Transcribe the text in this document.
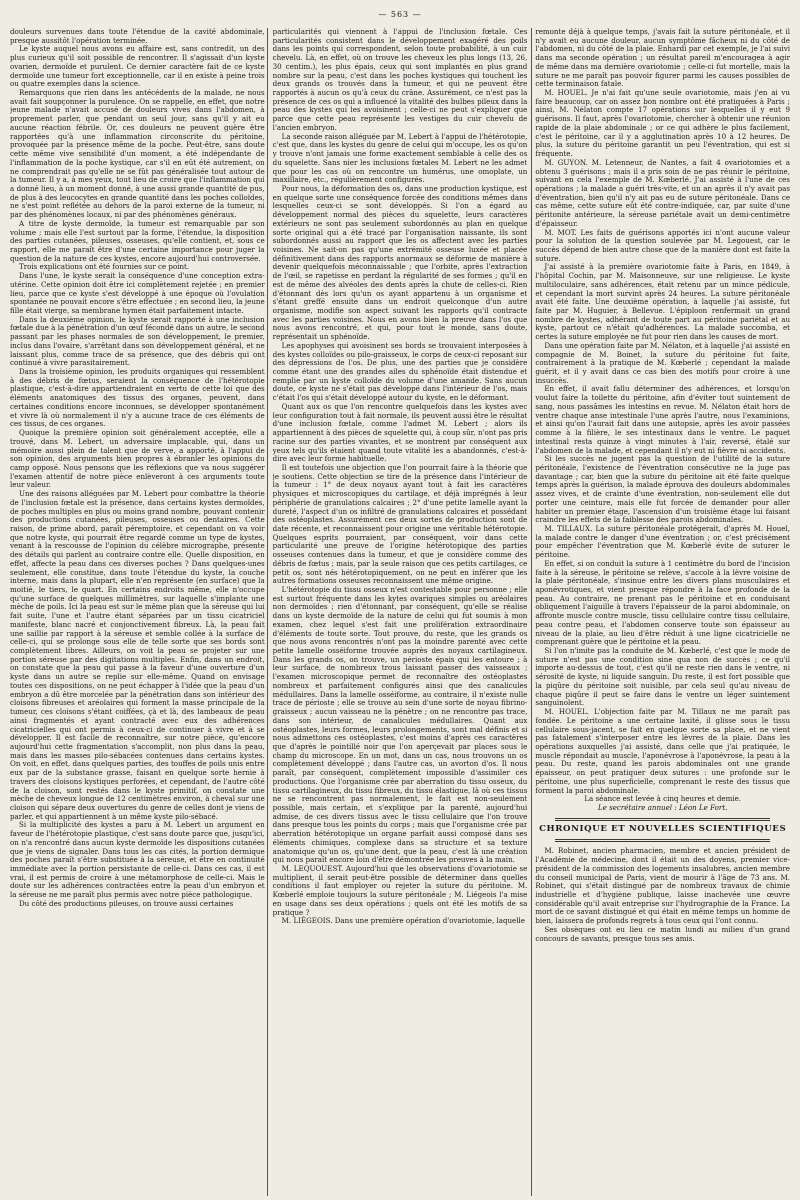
— 563 —

douleurs survenues dans toute l'étendue de la cavité abdominale, presque aussitôt l'opération terminée.

Le kyste auquel nous avons eu affaire est, sans contredit, un des plus curieux qu'il soit possible de rencontrer. Il s'agissait d'un kyste ovarien, dermoïde et purulent. Ce dernier caractère fait de ce kyste dermoïde une tumeur fort exceptionnelle, car il en existe à peine trois ou quatre exemples dans la science.

Remarquons que rien dans les antécédents de la malade, ne nous avait fait soupçonner la purulence. On se rappelle, en effet, que notre jeune malade n'avait accusé de douleurs vives dans l'abdomen, à proprement parler, que pendant un seul jour, sans qu'il y ait eu aucune réaction fébrile. Or, ces douleurs ne peuvent guère être rapportées qu'à une inflammation circonscrite du péritoine, provoquée par la présence même de la poche. Peut-être, sans doute cette même vive sensibilité d'un moment, a été indépendante de l'inflammation de la poche kystique, car s'il en eût été autrement, on ne comprendrait pas qu'elle ne se fût pas généralisée tout autour de la tumeur. Il y a, à mes yeux, tout lieu de croire que l'inflammation qui a donné lieu, à un moment donné, à une aussi grande quantité de pus, de plus à des leucocytes en grande quantité dans les poches colloïdes, ne s'est point reflétée au dehors de la paroi externe de la tumeur, ni par des phénomènes locaux, ni par des phénomènes généraux.

A titre de kyste dermoïde, la tumeur est remarquable par son volume ; mais elle l'est surtout par la forme, l'étendue, la disposition des parties cutanées, pileuses, osseuses, qu'elle contient, et, sous ce rapport, elle me paraît être d'une certaine importance pour juger la question de la nature de ces kystes, encore aujourd'hui controversée.

Trois explications ont été fournies sur ce point.

Dans l'une, le kyste serait la conséquence d'une conception extra-utérine. Cette opinion doit être ici complètement rejetée ; en premier lieu, parce que ce kyste s'est développé à une époque où l'ovulation spontanée ne pouvait encore s'être effectuée ; en second lieu, la jeune fille était vierge, sa membrane hymen était parfaitement intacte.

Dans la deuxième opinion, le kyste serait rapporté à une inclusion fœtale due à la pénétration d'un œuf fécondé dans un autre, le second passant par les phases normales de son développement, le premier, inclus dans l'ovaire, s'arrêtant dans son développement général, et ne laissant plus, comme trace de sa présence, que des débris qui ont continué à vivre parasitairement.

Dans la troisième opinion, les produits organiques qui ressemblent à des débris de fœtus, seraient la conséquence de l'hétérotopie plastique, c'est-à-dire appartiendraient en vertu de cette loi que des éléments anatomiques des tissus des organes, peuvent, dans certaines conditions encore inconnues, se développer spontanément et vivre là où normalement il n'y a aucune trace de ces éléments de ces tissus, de ces organes.

Quoique la première opinion soit généralement acceptée, elle a trouvé, dans M. Lebert, un adversaire implacable, qui, dans un mémoire aussi plein de talent que de verve, a apporté, à l'appui de son opinion, des arguments bien propres à ébranler les opinions du camp opposé. Nous pensons que les réflexions que va nous suggérer l'examen attentif de notre pièce enlèveront à ces arguments toute leur valeur.

Une des raisons alléguées par M. Lebert pour combattre la théorie de l'inclusion fœtale est la présence, dans certains kystes dermoïdes, de poches multiples en plus ou moins grand nombre, pouvant contenir des productions cutanées, pileuses, osseuses ou dentaires. Cette raison, de prime abord, paraît péremptoire, et cependant on va voir que notre kyste, qui pourrait être regardé comme un type de kystes, venant à la rescousse de l'opinion du célèbre micrographe, présente des détails qui parlent au contraire contre elle. Quelle disposition, en effet, affecte la peau dans ces diverses poches ? Dans quelques-unes seulement, elle constitue, dans toute l'étendue du kyste, la couche interne, mais dans la plupart, elle n'en représente (en surface) que la moitié, le tiers, le quart. En certains endroits même, elle n'occupe qu'une surface de quelques millimètres, sur laquelle s'implante une mèche de poils. Ici la peau est sur le même plan que la séreuse qui lui fait suite, l'une et l'autre étant séparées par un tissu cicatriciel manifeste, blanc nacré et conjonctivement fibreux. Là, la peau fait une saillie par rapport à la séreuse et semble collée à la surface de celle-ci, qui se prolonge sous elle de telle sorte que ses bords sont complètement libres. Ailleurs, on voit la peau se projeter sur une portion séreuse par des digitations multiples. Enfin, dans un endroit, on constate que la peau qui passe à la faveur d'une ouverture d'un kyste dans un autre se replie sur elle-même. Quand on envisage toutes ces dispositions, on ne peut échapper à l'idée que la peau d'un embryon a dû être morcelée par la pénétration dans son intérieur des cloisons fibreuses et aréolaires qui forment la masse principale de la tumeur, ces cloisons s'étant coiffées, çà et là, des lambeaux de peau ainsi fragmentés et ayant contracté avec eux des adhérences cicatricielles qui ont permis à ceux-ci de continuer à vivre et à se développer. Il est facile de reconnaître, sur notre pièce, qu'encore aujourd'hui cette fragmentation s'accomplit, non plus dans la peau, mais dans les masses pilo-sébacées contenues dans certains kystes. On voit, en effet, dans quelques parties, des touffes de poils unis entre eux par de la substance grasse, faisant en quelque sorte hernie à travers des cloisons kystiques perforées, et cependant, de l'autre côté de la cloison, sont restés dans le kyste primitif, on constate une mèche de cheveux longue de 12 centimètres environ, à cheval sur une cloison qui sépare deux ouvertures du genre de celles dont je viens de parler, et qui appartiennent à un même kyste pilo-sébacé.

Si la multiplicité des kystes a paru à M. Lebert un argument en faveur de l'hétérotopie plastique, c'est sans doute parce que, jusqu'ici, on n'a rencontré dans aucun kyste dermoïde les dispositions cutanées que je viens de signaler. Dans tous les cas cités, la portion dermique des poches paraît s'être substituée à la séreuse, et être en continuité immédiate avec la portion persistante de celle-ci. Dans ces cas, il est vrai, il est permis de croire à une métamorphose de celle-ci. Mais le doute sur les adhérences contractées entre la peau d'un embryon et la séreuse ne me paraît plus permis avec notre pièce pathologique.

Du côté des productions pileuses, on trouve aussi certaines

particularités qui viennent à l'appui de l'inclusion fœtale. Ces particularités consistent dans le développement exagéré des poils dans les points qui correspondent, selon toute probabilité, à un cuir chevelu. Là, en effet, où on trouve les cheveux les plus longs (13, 26, 30 centim.), les plus épais, ceux qui sont implantés en plus grand nombre sur la peau, c'est dans les poches kystiques qui touchent les deux grands os trouvés dans la tumeur, et qui ne peuvent être rapportés à aucun os qu'à ceux du crâne. Assurément, ce n'est pas la présence de ces os qui a influencé la vitalité des bulbes pileux dans la peau des kystes qui les avoisinent ; celle-ci ne peut s'expliquer que parce que cette peau représente les vestiges du cuir chevelu de l'ancien embryon.

La seconde raison alléguée par M. Lebert à l'appui de l'hétérotopie, c'est que, dans les kystes du genre de celui qui m'occupe, les os qu'on y trouve n'ont jamais une forme exactement semblable à celle des os du squelette. Sans nier les inclusions fœtales M. Lebert ne les admet que pour les cas où on rencontre un humérus, une omoplate, un maxillaire, etc., régulièrement configurés.

Pour nous, la déformation des os, dans une production kystique, est en quelque sorte une conséquence forcée des conditions mêmes dans lesquelles ceux-ci se sont développés. Si l'on a égard au développement normal des pièces du squelette, leurs caractères extérieurs ne sont pas seulement subordonnés au plan en quelque sorte original qui a été tracé par l'organisation naissante, ils sont subordonnés aussi au rapport que les os affectent avec les parties voisines. Ne sait-on pas qu'une extrémité osseuse luxée et placée définitivement dans des rapports anormaux se déforme de manière à devenir quelquefois méconnaissable ; que l'orbite, après l'extraction de l'œil, se rapetisse en perdant la régularité de ses formes ; qu'il en est de même des alvéoles des dents après la chute de celles-ci. Rien d'étonnant dès lors qu'un os ayant appartenu à un organisme et s'étant greffé ensuite dans un endroit quelconque d'un autre organisme, modifie son aspect suivant les rapports qu'il contracte avec les parties voisines. Nous en avons bien la preuve dans l'os que nous avons rencontré, et qui, pour tout le monde, sans doute, représentait un sphénoïde.

Les apophyses qui avoisinent ses bords se trouvaient interposées à des kystes colloïdes ou pilo-graisseux, le corps de ceux-ci reposant sur des dépressions de l'os. De plus, une des parties que je considère comme étant une des grandes ailes du sphénoïde était distendue et remplie par un kyste colloïde du volume d'une amande. Sans aucun doute, ce kyste ne s'était pas développé dans l'intérieur de l'os, mais c'était l'os qui s'était développé autour du kyste, en le déformant.

Quant aux os que l'on rencontre quelquefois dans les kystes avec leur configuration tout à fait normale, ils peuvent aussi être le résultat d'une inclusion fœtale, comme l'admet M. Lebert ; alors ils appartiennent à des pièces de squelette qui, à coup sûr, n'ont pas pris racine sur des parties vivantes, et se montrent par conséquent aux yeux tels qu'ils étaient quand toute vitalité les a abandonnés, c'est-à-dire avec leur forme habituelle.

Il est toutefois une objection que l'on pourrait faire à la théorie que je soutiens. Cette objection se tire de la présence dans l'intérieur de la tumeur : 1° de deux noyaux ayant tout à fait les caractères physiques et microscopiques du cartilage, et déjà imprégnés à leur périphérie de granulations calcaires ; 2° d'une petite lamelle ayant la dureté, l'aspect d'un os infiltré de granulations calcaires et possédant des ostéoplastes. Assurément ces deux sortes de production sont de date récente, et reconnaissent pour origine une véritable hétérotopie. Quelques esprits pourraient, par conséquent, voir dans cette particularité une preuve de l'origine hétérotopique des parties osseuses contenues dans la tumeur, et que je considère comme des débris de fœtus ; mais, par la seule raison que ces petits cartilages, ce petit os, sont nés hétérotopiquement, on ne peut en inférer que les autres formations osseuses reconnaissent une même origine.

L'hétérotopie du tissu osseux n'est contestable pour personne ; elle est surtout fréquente dans les kytes ovariques simples ou aréolaires non dermoïdes ; rien d'étonnant, par conséquent, qu'elle se réalise dans un kyste dermoïde de la nature de celui qui fut soumis à mon examen, chez lequel s'est fait une prolifération extraordinaire d'éléments de toute sorte. Tout prouve, du reste, que les grands os que nous avons rencontrés n'ont pas la moindre parenté avec cette petite lamelle osséiforme trouvée auprès des noyaux cartilagineux. Dans les grands os, on trouve, un périoste épais qui les entoure ; à leur surface, de nombreux trous laissant passer des vaisseaux ; l'examen microscopique permet de reconnaître des ostéoplastes nombreux et parfaitement configurés ainsi que des canalicules médullaires. Dans la lamelle osséiforme, au contraire, il n'existe nulle trace de périoste ; elle se trouve au sein d'une sorte de noyau fibrino-graisseux ; aucun vaisseau ne la pénètre ; on ne rencontre pas trace, dans son intérieur, de canalicules médullaires. Quant aux ostéoplastes, leurs formes, leurs prolongements, sont mal définis et si nous admettons ces ostéoplastes, c'est moins d'après ces caractères que d'après le pointillé noir que l'on aperçevait par places sous le champ du microscope. En un mot, dans un cas, nous trouvons un os complètement développé ; dans l'autre cas, un avorton d'os. Il nous paraît, par conséquent, complètement impossible d'assimiler ces productions. Que l'organisme crée par aberration du tissu osseux, du tissu cartilagineux, du tissu fibreux, du tissu élastique, là où ces tissus ne se rencontrent pas normalement, le fait est non-seulement possible, mais certain, et s'explique par la parenté, aujourd'hui admise, de ces divers tissus avec le tissu cellulaire que l'on trouve dans presque tous les points du corps ; mais que l'organisme crée par aberration hétérotopique un organe parfait aussi composé dans ses éléments chimiques, complexe dans sa structure et sa texture anatomique qu'un os, qu'une dent, que la peau, c'est là une création qui nous paraît encore loin d'être démontrée les preuves à la main.

M. LEQUOUEST. Aujourd'hui que les observations d'ovariotomie se multiplient, il serait peut-être possible de déterminer dans quelles conditions il faut employer ou rejeter la suture du péritoine. M. Kœberlé emploie toujours la suture péritonéale ; M. Liégeois l'a mise en usage dans ses deux opérations ; quels ont été les motifs de sa pratique ?

M. LIÉGEOIS. Dans une première opération d'ovariotomie, laquelle

remonte déjà à quelque temps, j'avais fait la suture péritonéale, et il n'y avait eu aucune douleur, aucun symptôme fâcheux ni du côté de l'abdomen, ni du côté de la plaie. Enhardi par cet exemple, je l'ai suivi dans ma seconde opération ; un résultat pareil m'encouragea à agir de même dans ma dernière ovariotomie ; celle-ci fut mortelle, mais la suture ne me paraît pas pouvoir figurer parmi les causes possibles de cette terminaison fatale.

M. HOUEL. Je n'ai fait qu'une seule ovariotomie, mais j'en ai vu faire beaucoup, car on assez bon nombre ont été pratiquées à Paris ; ainsi, M. Nélaton compte 17 opérations sur lesquelles il y eut 9 guérisons. Il faut, après l'ovariotomie, chercher à obtenir une réunion rapide de la plaie abdominale ; or ce qui adhère le plus facilement, c'est le péritoine, car il y a agglutination après 10 à 12 heures. De plus, la suture du péritoine garantit un peu l'éventration, qui est si fréquente.

M. GUYON. M. Letenneur, de Nantes, a fait 4 ovariotomies et a obtenu 3 guérisons ; mais il a pris soin de ne pas réunir le péritoine, suivant en cela l'exemple de M. Kœberlé. J'ai assisté à l'une de ces opérations ; la malade a guéri très-vite, et un an après il n'y avait pas d'éventration, bien qu'il n'y ait pas eu de suture péritonéale. Dans ce cas même, cette suture eût été contre-indiquée, car, par suite d'une péritonite antérieure, la séreuse pariétale avait un demi-centimètre d'épaisseur.

M. MOT. Les faits de guérisons apportés ici n'ont aucune valeur pour la solution de la question soulevée par M. Legouest, car le succès dépend de bien autre chose que de la manière dont est faite la suture.

J'ai assisté à la première ovariotomie faite à Paris, en 1849, à l'hôpital Cochin, par M. Maisonneuve, sur une religieuse. Le kyste multiloculaire, sans adhérences, était retenu par un mince pédicule, et cependant la mort survint après 24 heures. La suture péritonéale avait été faite. Une deuxième opération, à laquelle j'ai assisté, fut faite par M. Huguier, à Bellevue. L'épiploon renfermait un grand nombre de kystes, adhérant de toute part au péritoine pariétal et au kyste, partout ce n'était qu'adhérences. La malade succomba, et certes la suture employée ne fut pour rien dans les causes de mort.

Dans une opération faite par M. Nélaton, et à laquelle j'ai assisté en compagnie de M. Boinet, la suture du péritoine fut faite, contrairement à la pratique de M. Kœberlé ; cependant la malade guérit, et il y avait dans ce cas bien des motifs pour croire à une insuccès.

En effet, il avait fallu déterminer des adhérences, et lorsqu'on voulut faire la toilette du péritoine, afin d'éviter tout suintement de sang, nous passâmes les intestins en revue. M. Nélaton était hors de ventre chaque anse intestinale l'une après l'autre, nous l'examinions, et ainsi qu'on l'aurait fait dans une autopsie, après les avoir passées comme à la filière, le ses intestinaux dans le ventre. Le paquet intestinal resta quinze à vingt minutes à l'air, reversé, étalé sur l'abdomen de la malade, et cependant il n'y eut ni fièvre ni accidents.

Si les succès ne jugent pas la question de l'utilité de la suture péritonéale, l'existence de l'éventration consécutive ne la juge pas davantage ; car, bien que la suture du péritoine ait été faite quelque temps après la guérison, la malade éprouva des douleurs abdominales assez vives, et de crainte d'une éventration, non-seulement elle dut porter une ceinture, mais elle fut forcée de demander pour aller habiter un premier étage, l'ascension d'un troisième étage lui faisant craindre les effets de la faiblesse des parois abdominales.

M. TILLAUX. La suture péritonéale protégerait, d'après M. Houel, la malade contre le danger d'une éventration ; or, c'est précisément pour empêcher l'éventration que M. Kœberlé évite de suturer le péritoine.

En effet, si on conduit la suture à 1 centimètre du bord de l'incision faite à la séreuse, le péritoine se relève, s'accole à la lèvre voisine de la plaie péritonéale, s'insinue entre les divers plans musculaires et aponévrotiques, et vient presque répondre à la face profonde de la peau. Au contraire, ne prenant pas le péritoine et en conduisant obliquement l'aiguille à travers l'épaisseur de la paroi abdominale, on affronte muscle contre muscle, tissu cellulaire contre tissu cellulaire, peau contre peau, et l'abdomen conserve toute son épaisseur au niveau de la plaie, au lieu d'être réduit à une ligne cicatricielle ne comprenant guère que le péritoine et la peau.

Si l'on n'imite pas la conduite de M. Kœberlé, c'est que le mode de suture n'est pas une condition sine qua non de succès ; ce qu'il importe au-dessus de tout, c'est qu'il ne reste rien dans le ventre, ni sérosité de kyste, ni liquide sanguin. Du reste, il est fort possible que la piqûre du péritoine soit nuisible, par cela seul qu'au niveau de chaque piqûre il peut se faire dans le ventre un léger suintement sanguinolent.

M. HOUEL. L'objection faite par M. Tillaux ne me paraît pas fondée. Le péritoine a une certaine laxité, il glisse sous le tissu cellulaire sous-jacent, se fait en quelque sorte sa place, et ne vient pas fatalement s'interposer entre les lèvres de la plaie. Dans les opérations auxquelles j'ai assisté, dans celle que j'ai pratiquée, le muscle répondait au muscle, l'aponévrose à l'aponévrose, la peau à la peau. Du reste, quand les parois abdominales ont une grande épaisseur, on peut pratiquer deux sutures : une profonde sur le péritoine, une plus superficielle, comprenant le reste des tissus que forment la paroi abdominale.

La séance est levée à cinq heures et demie.

Le secrétaire annuel : Léon Le Fort.

CHRONIQUE ET NOUVELLES SCIENTIFIQUES

M. Robinet, ancien pharmacien, membre et ancien président de l'Académie de médecine, dont il était un des doyens, premier vice-président de la commission des logements insalubres, ancien membre du conseil municipal de Paris, vient de mourir à l'âge de 73 ans. M. Robinet, qui s'était distingué par de nombreux travaux de chimie industrielle et d'hygiène publique, laisse inachevée une œuvre considérable qu'il avait entreprise sur l'hydrographie de la France. La mort de ce savant distingué et qui était en même temps un homme de bien, laissera de profonds regrets à tous ceux qui l'ont connu.

Ses obsèques ont eu lieu ce matin lundi au milieu d'un grand concours de savants, presque tous ses amis.
